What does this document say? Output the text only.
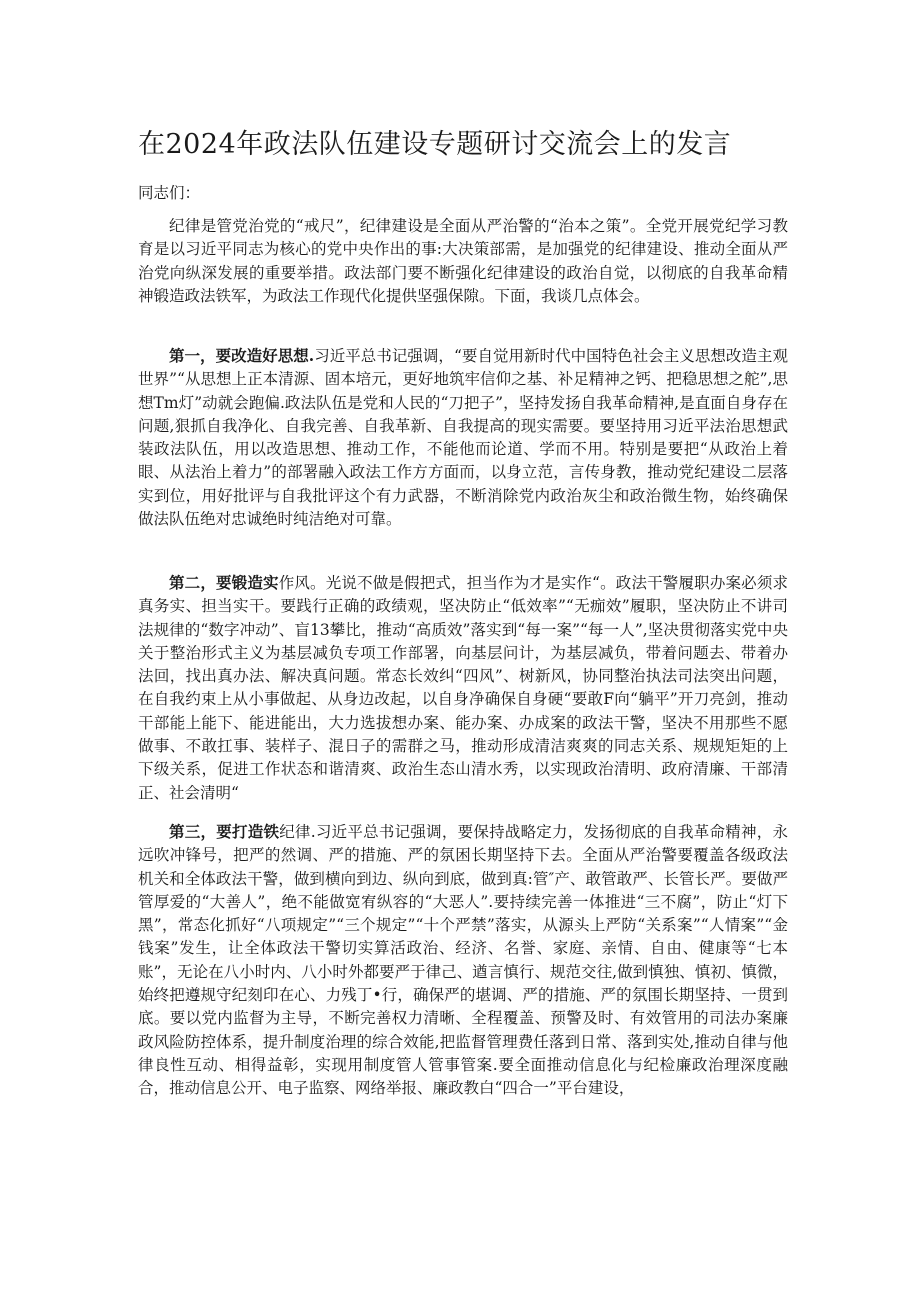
在2024年政法队伍建设专题研讨交流会上的发言

同志们：

纪律是管党治党的“戒尺”，纪律建设是全面从严治警的“治本之策”。全党开展党纪学习教育是以习近平同志为核心的党中央作出的事:大决策部需，是加强党的纪律建设、推动全面从严治党向纵深发展的重要举措。政法部门要不断强化纪律建设的政治自觉，以彻底的自我革命精神锻造政法铁军，为政法工作现代化提供坚强保隙。下面，我谈几点体会。

第一，要改造好思想.习近平总书记强调，“要自觉用新时代中国特色社会主义思想改造主观世界”“从思想上正本清源、固本培元，更好地筑牢信仰之基、补足精神之钙、把稳思想之舵”,思想Tm灯”动就会跑偏.政法队伍是党和人民的“刀把子”，坚持发扬自我革命精神,是直面自身存在问题,狠抓自我净化、自我完善、自我革新、自我提高的现实需要。要坚持用习近平法治思想武装政法队伍，用以改造思想、推动工作，不能他而论道、学而不用。特别是要把“从政治上着眼、从法治上着力”的部署融入政法工作方方面而，以身立范，言传身教，推动党纪建设二层落实到位，用好批评与自我批评这个有力武器，不断消除党内政治灰尘和政治微生物，始终确保做法队伍绝对忠诚绝时纯洁绝对可靠。

第二，要锻造实作风。光说不做是假把式，担当作为才是实作“。政法干警履职办案必须求真务实、担当实干。要践行正确的政绩观，坚决防止“低效率”“无痂效”履职，坚决防止不讲司法规律的“数字冲动”、盲13攀比，推动“高质效”落实到“每一案”“每一人”,坚决贯彻落实党中央关于整治形式主义为基层减负专项工作部署，向基层问计，为基层减负，带着问题去、带着办法回，找出真办法、解决真问题。常态长效纠“四风”、树新风，协同整治执法司法突出问题，在自我约束上从小事做起、从身边改起，以自身净确保自身硬“要敢F向“躺平”开刀亮剑，推动干部能上能下、能进能出，大力选拔想办案、能办案、办成案的政法干警，坚决不用那些不愿做事、不敢扛事、装样子、混日子的需群之马，推动形成清洁爽爽的同志关系、规规矩矩的上下级关系，促进工作状态和谐清爽、政治生态山清水秀，以实现政治清明、政府清廉、干部清正、社会清明“

第三，要打造铁纪律.习近平总书记强调，要保持战略定力，发扬彻底的自我革命精神，永远吹冲锋号，把严的然调、严的措施、严的氛困长期坚持下去。全面从严治警要覆盖各级政法机关和全体政法干警，做到横向到边、纵向到底，做到真:管″产、敢管敢严、长管长严。要做严管厚爱的“大善人”，绝不能做宽宥纵容的“大恶人”.要持续完善一体推进“三不腐”，防止“灯下黑”，常态化抓好“八项规定”“三个规定”“十个严禁”落实，从源头上严防“关系案”“人情案”“金钱案”发生，让全体政法干警切实算活政治、经济、名誉、家庭、亲情、自由、健康等“七本账”，无论在八小时内、八小时外都要严于律己、遒言慎行、规范交往,做到慎独、慎初、慎微，始终把遵规守纪刻印在心、力残丁•行，确保严的堪调、严的措施、严的氛围长期坚持、一贯到底。要以党内监督为主导，不断完善权力清晰、全程覆盖、预警及时、有效管用的司法办案廉政风险防控体系，提升制度治理的综合效能,把监督管理费任落到日常、落到实处,推动自律与他律良性互动、相得益彰，实现用制度管人管事管案.要全面推动信息化与纪检廉政治理深度融合，推动信息公开、电子监察、网络举报、廉政教白“四合一”平台建设，
